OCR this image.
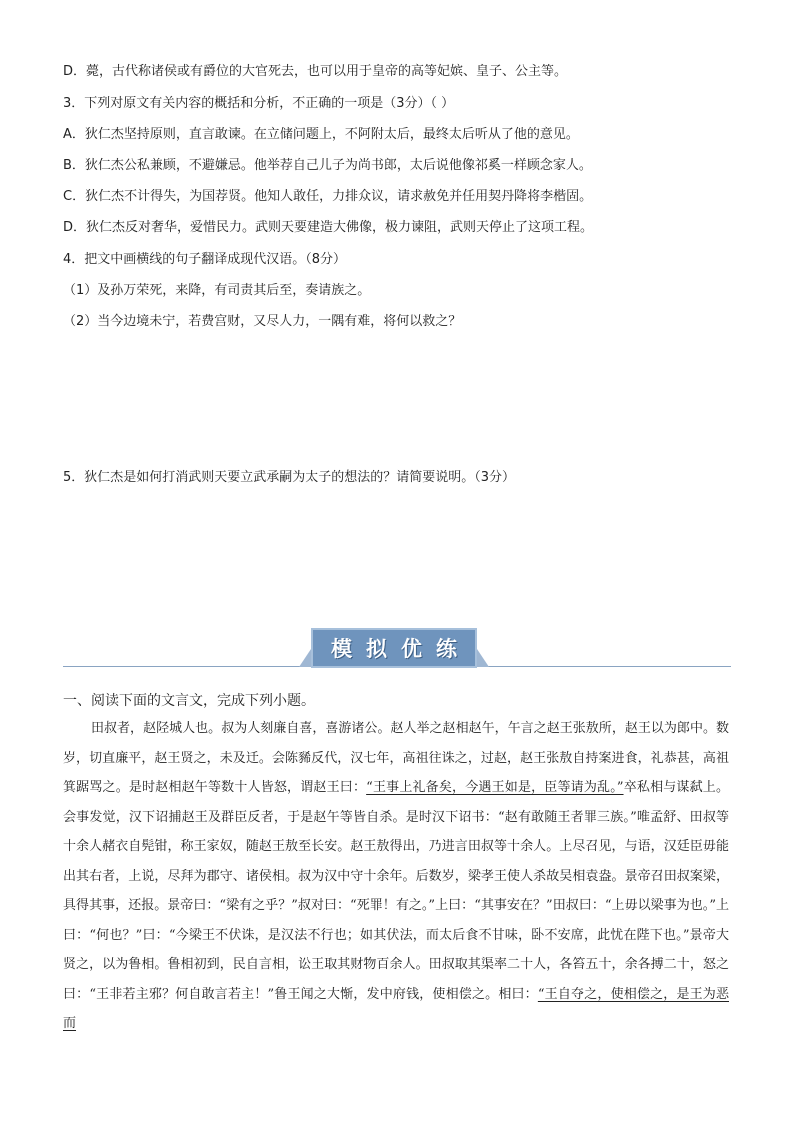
D．薨，古代称诸侯或有爵位的大官死去，也可以用于皇帝的高等妃嫔、皇子、公主等。
3．下列对原文有关内容的概括和分析，不正确的一项是（3分）（ ）
A．狄仁杰坚持原则，直言敢谏。在立储问题上，不阿附太后，最终太后听从了他的意见。
B．狄仁杰公私兼顾，不避嫌忌。他举荐自己儿子为尚书郎，太后说他像祁奚一样顾念家人。
C．狄仁杰不计得失，为国荐贤。他知人敢任，力排众议，请求赦免并任用契丹降将李楷固。
D．狄仁杰反对奢华，爱惜民力。武则天要建造大佛像，极力谏阻，武则天停止了这项工程。
4．把文中画横线的句子翻译成现代汉语。（8分）
（1）及孙万荣死，来降，有司责其后至，奏请族之。
（2）当今边境未宁，若费宫财，又尽人力，一隅有难，将何以救之？
5．狄仁杰是如何打消武则天要立武承嗣为太子的想法的？请简要说明。（3分）
模拟优练
一、阅读下面的文言文，完成下列小题。

田叔者，赵陉城人也。叔为人刻廉自喜，喜游诸公。赵人举之赵相赵午，午言之赵王张敖所，赵王以为郎中。数岁，切直廉平，赵王贤之，未及迁。会陈豨反代，汉七年，高祖往诛之，过赵，赵王张敖自持案进食，礼恭甚，高祖箕踞骂之。是时赵相赵午等数十人皆怒，谓赵王曰：“王事上礼备矣，今遇王如是，臣等请为乱。”卒私相与谋弑上。会事发觉，汉下诏捕赵王及群臣反者，于是赵午等皆自杀。是时汉下诏书：“赵有敢随王者罪三族。”唯孟舒、田叔等十余人赭衣自髡钳，称王家奴，随赵王敖至长安。赵王敖得出，乃进言田叔等十余人。上尽召见，与语，汉廷臣毋能出其右者，上说，尽拜为郡守、诸侯相。叔为汉中守十余年。后数岁，梁孝王使人杀故吴相袁盎。景帝召田叔案梁，具得其事，还报。景帝曰：“梁有之乎？”叔对曰：“死罪！有之。”上曰：“其事安在？”田叔曰：“上毋以梁事为也。”上曰：“何也？”曰：“今梁王不伏诛，是汉法不行也；如其伏法，而太后食不甘味，卧不安席，此忧在陛下也。”景帝大贤之，以为鲁相。鲁相初到，民自言相，讼王取其财物百余人。田叔取其渠率二十人，各笞五十，余各搏二十，怒之曰：“王非若主邪？何自敢言若主！”鲁王闻之大惭，发中府钱，使相偿之。相曰：“王自夺之，使相偿之，是王为恶而
